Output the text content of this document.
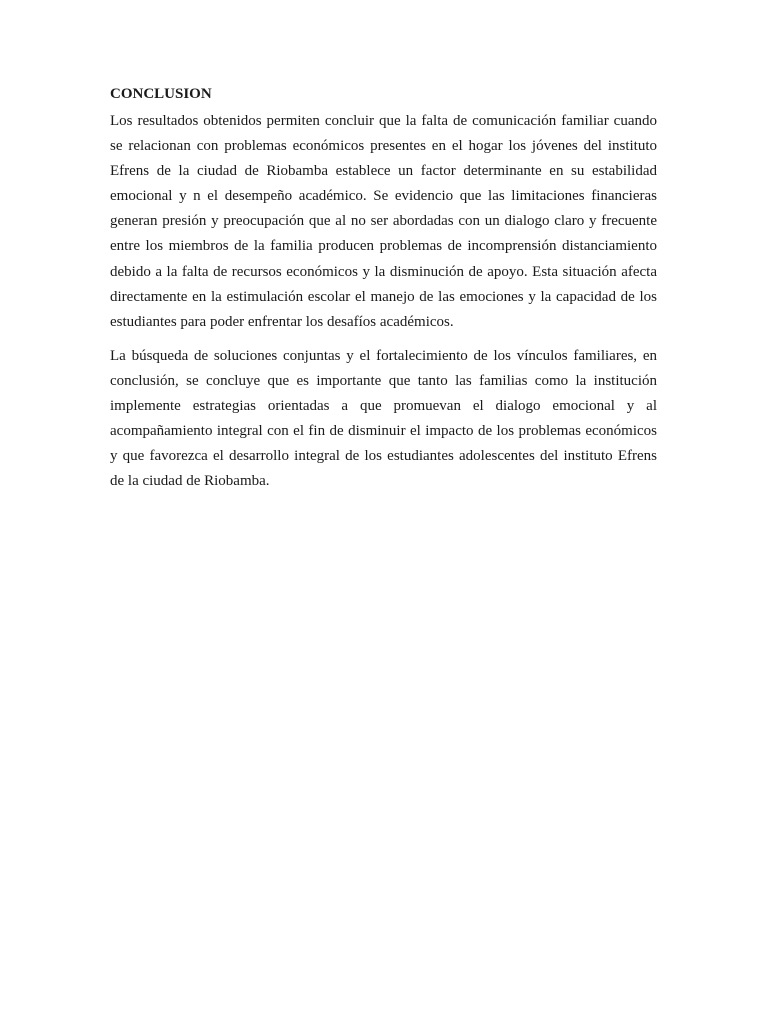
CONCLUSION

Los resultados obtenidos permiten concluir que la falta de comunicación familiar cuando se relacionan con problemas económicos presentes en el hogar los jóvenes del instituto Efrens de la ciudad de Riobamba establece un factor determinante en su estabilidad emocional y n el desempeño académico. Se evidencio que las limitaciones financieras generan presión y preocupación que al no ser abordadas con un dialogo claro y frecuente entre los miembros de la familia producen problemas de incomprensión distanciamiento debido a la falta de recursos económicos y la disminución de apoyo. Esta situación afecta directamente en la estimulación escolar el manejo de las emociones y la capacidad de los estudiantes para poder enfrentar los desafíos académicos.

La búsqueda de soluciones conjuntas y el fortalecimiento de los vínculos familiares, en conclusión, se concluye que es importante que tanto las familias como la institución implemente estrategias orientadas a que promuevan el dialogo emocional y al acompañamiento integral con el fin de disminuir el impacto de los problemas económicos y que favorezca el desarrollo integral de los estudiantes adolescentes del instituto Efrens de la ciudad de Riobamba.
